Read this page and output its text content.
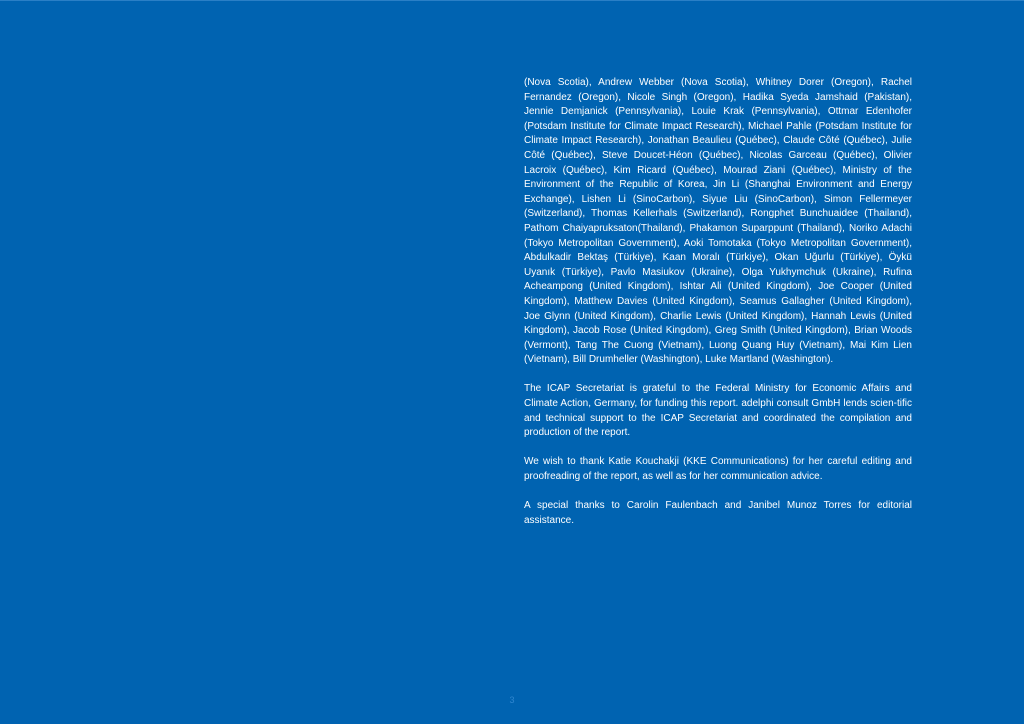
(Nova Scotia), Andrew Webber (Nova Scotia), Whitney Dorer (Oregon), Rachel Fernandez (Oregon), Nicole Singh (Oregon), Hadika Syeda Jamshaid (Pakistan), Jennie Demjanick (Pennsylvania), Louie Krak (Pennsylvania), Ottmar Edenhofer (Potsdam Institute for Climate Impact Research), Michael Pahle (Potsdam Institute for Climate Impact Research), Jonathan Beaulieu (Québec), Claude Côté (Québec), Julie Côté (Québec), Steve Doucet-Héon (Québec), Nicolas Garceau (Québec), Olivier Lacroix (Québec), Kim Ricard (Québec), Mourad Ziani (Québec), Ministry of the Environment of the Republic of Korea, Jin Li (Shanghai Environment and Energy Exchange), Lishen Li (SinoCarbon), Siyue Liu (SinoCarbon), Simon Fellermeyer (Switzerland), Thomas Kellerhals (Switzerland), Rongphet Bunchuaidee (Thailand), Pathom Chaiyapruksaton(Thailand), Phakamon Suparppunt (Thailand), Noriko Adachi (Tokyo Metropolitan Government), Aoki Tomotaka (Tokyo Metropolitan Government), Abdulkadir Bektaş (Türkiye), Kaan Moralı (Türkiye), Okan Uğurlu (Türkiye), Öykü Uyanık (Türkiye), Pavlo Masiukov (Ukraine), Olga Yukhymchuk (Ukraine), Rufina Acheampong (United Kingdom), Ishtar Ali (United Kingdom), Joe Cooper (United Kingdom), Matthew Davies (United Kingdom), Seamus Gallagher (United Kingdom), Joe Glynn (United Kingdom), Charlie Lewis (United Kingdom), Hannah Lewis (United Kingdom), Jacob Rose (United Kingdom), Greg Smith (United Kingdom), Brian Woods (Vermont), Tang The Cuong (Vietnam), Luong Quang Huy (Vietnam), Mai Kim Lien (Vietnam), Bill Drumheller (Washington), Luke Martland (Washington).

The ICAP Secretariat is grateful to the Federal Ministry for Economic Affairs and Climate Action, Germany, for funding this report. adelphi consult GmbH lends scien-tific and technical support to the ICAP Secretariat and coordinated the compilation and production of the report.

We wish to thank Katie Kouchakji (KKE Communications) for her careful editing and proofreading of the report, as well as for her communication advice.

A special thanks to Carolin Faulenbach and Janibel Munoz Torres for editorial assistance.

3
